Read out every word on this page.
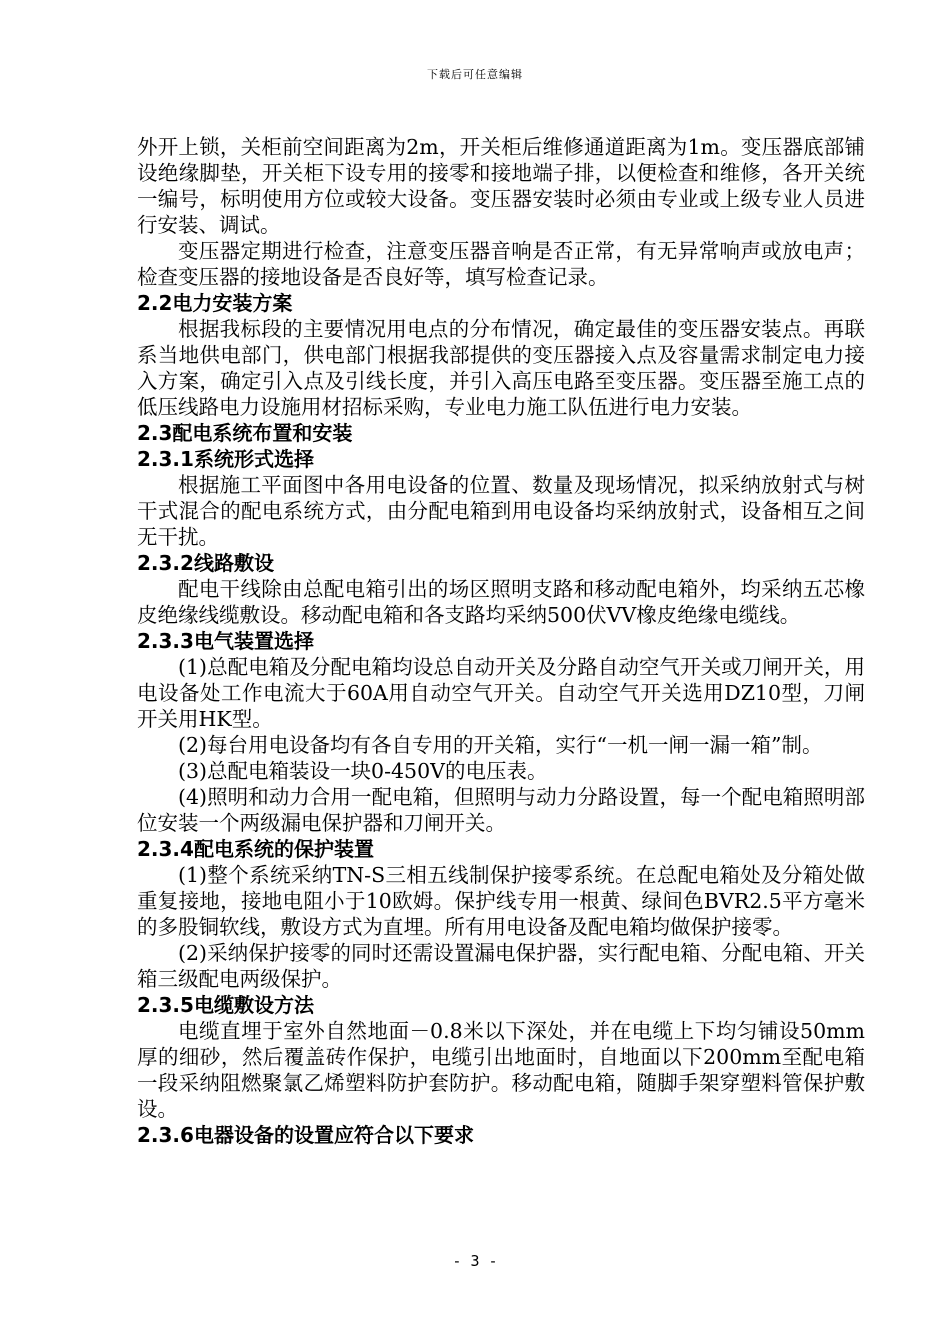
下载后可任意编辑

外开上锁，关柜前空间距离为2m，开关柜后维修通道距离为1m。变压器底部铺设绝缘脚垫，开关柜下设专用的接零和接地端子排，以便检查和维修，各开关统一编号，标明使用方位或较大设备。变压器安装时必须由专业或上级专业人员进行安装、调试。

变压器定期进行检查，注意变压器音响是否正常，有无异常响声或放电声；检查变压器的接地设备是否良好等，填写检查记录。

2.2电力安装方案

根据我标段的主要情况用电点的分布情况，确定最佳的变压器安装点。再联系当地供电部门，供电部门根据我部提供的变压器接入点及容量需求制定电力接入方案，确定引入点及引线长度，并引入高压电路至变压器。变压器至施工点的低压线路电力设施用材招标采购，专业电力施工队伍进行电力安装。

2.3配电系统布置和安装

2.3.1系统形式选择

根据施工平面图中各用电设备的位置、数量及现场情况，拟采纳放射式与树干式混合的配电系统方式，由分配电箱到用电设备均采纳放射式，设备相互之间无干扰。

2.3.2线路敷设

配电干线除由总配电箱引出的场区照明支路和移动配电箱外，均采纳五芯橡皮绝缘线缆敷设。移动配电箱和各支路均采纳500伏VV橡皮绝缘电缆线。

2.3.3电气装置选择

(1)总配电箱及分配电箱均设总自动开关及分路自动空气开关或刀闸开关，用电设备处工作电流大于60A用自动空气开关。自动空气开关选用DZ10型，刀闸开关用HK型。

(2)每台用电设备均有各自专用的开关箱，实行“一机一闸一漏一箱”制。

(3)总配电箱装设一块0-450V的电压表。

(4)照明和动力合用一配电箱，但照明与动力分路设置，每一个配电箱照明部位安装一个两级漏电保护器和刀闸开关。

2.3.4配电系统的保护装置

(1)整个系统采纳TN-S三相五线制保护接零系统。在总配电箱处及分箱处做重复接地，接地电阻小于10欧姆。保护线专用一根黄、绿间色BVR2.5平方毫米的多股铜软线，敷设方式为直埋。所有用电设备及配电箱均做保护接零。

(2)采纳保护接零的同时还需设置漏电保护器，实行配电箱、分配电箱、开关箱三级配电两级保护。

2.3.5电缆敷设方法

电缆直埋于室外自然地面－0.8米以下深处，并在电缆上下均匀铺设50mm厚的细砂，然后覆盖砖作保护，电缆引出地面时，自地面以下200mm至配电箱一段采纳阻燃聚氯乙烯塑料防护套防护。移动配电箱，随脚手架穿塑料管保护敷设。

2.3.6电器设备的设置应符合以下要求

- 3 -
